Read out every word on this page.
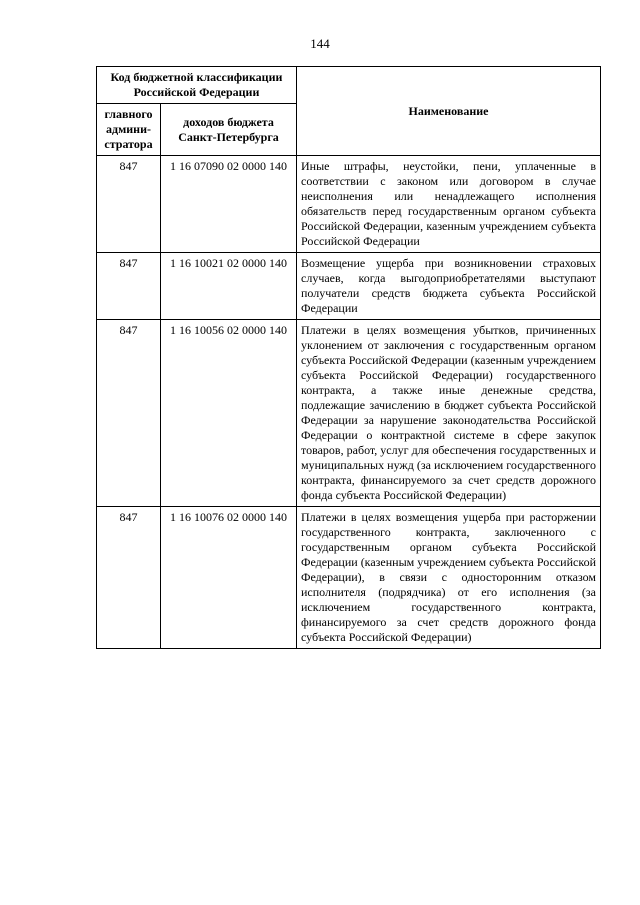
144
Код бюджетной классификации Российской Федерации		Наименование
главного админи-стратора	доходов бюджета Санкт-Петербурга	
847	1 16 07090 02 0000 140	Иные штрафы, неустойки, пени, уплаченные в соответствии с законом или договором в случае неисполнения или ненадлежащего исполнения обязательств перед государственным органом субъекта Российской Федерации, казенным учреждением субъекта Российской Федерации

847	1 16 10021 02 0000 140	Возмещение ущерба при возникновении страховых случаев, когда выгодоприобретателями выступают получатели средств бюджета субъекта Российской Федерации

847	1 16 10056 02 0000 140	Платежи в целях возмещения убытков, причиненных уклонением от заключения с государственным органом субъекта Российской Федерации (казенным учреждением субъекта Российской Федерации) государственного контракта, а также иные денежные средства, подлежащие зачислению в бюджет субъекта Российской Федерации за нарушение законодательства Российской Федерации о контрактной системе в сфере закупок товаров, работ, услуг для обеспечения государственных и муниципальных нужд (за исключением государственного контракта, финансируемого за счет средств дорожного фонда субъекта Российской Федерации)

847	1 16 10076 02 0000 140	Платежи в целях возмещения ущерба при расторжении государственного контракта, заключенного с государственным органом субъекта Российской Федерации (казенным учреждением субъекта Российской Федерации), в связи с односторонним отказом исполнителя (подрядчика) от его исполнения (за исключением государственного контракта, финансируемого за счет средств дорожного фонда субъекта Российской Федерации)
